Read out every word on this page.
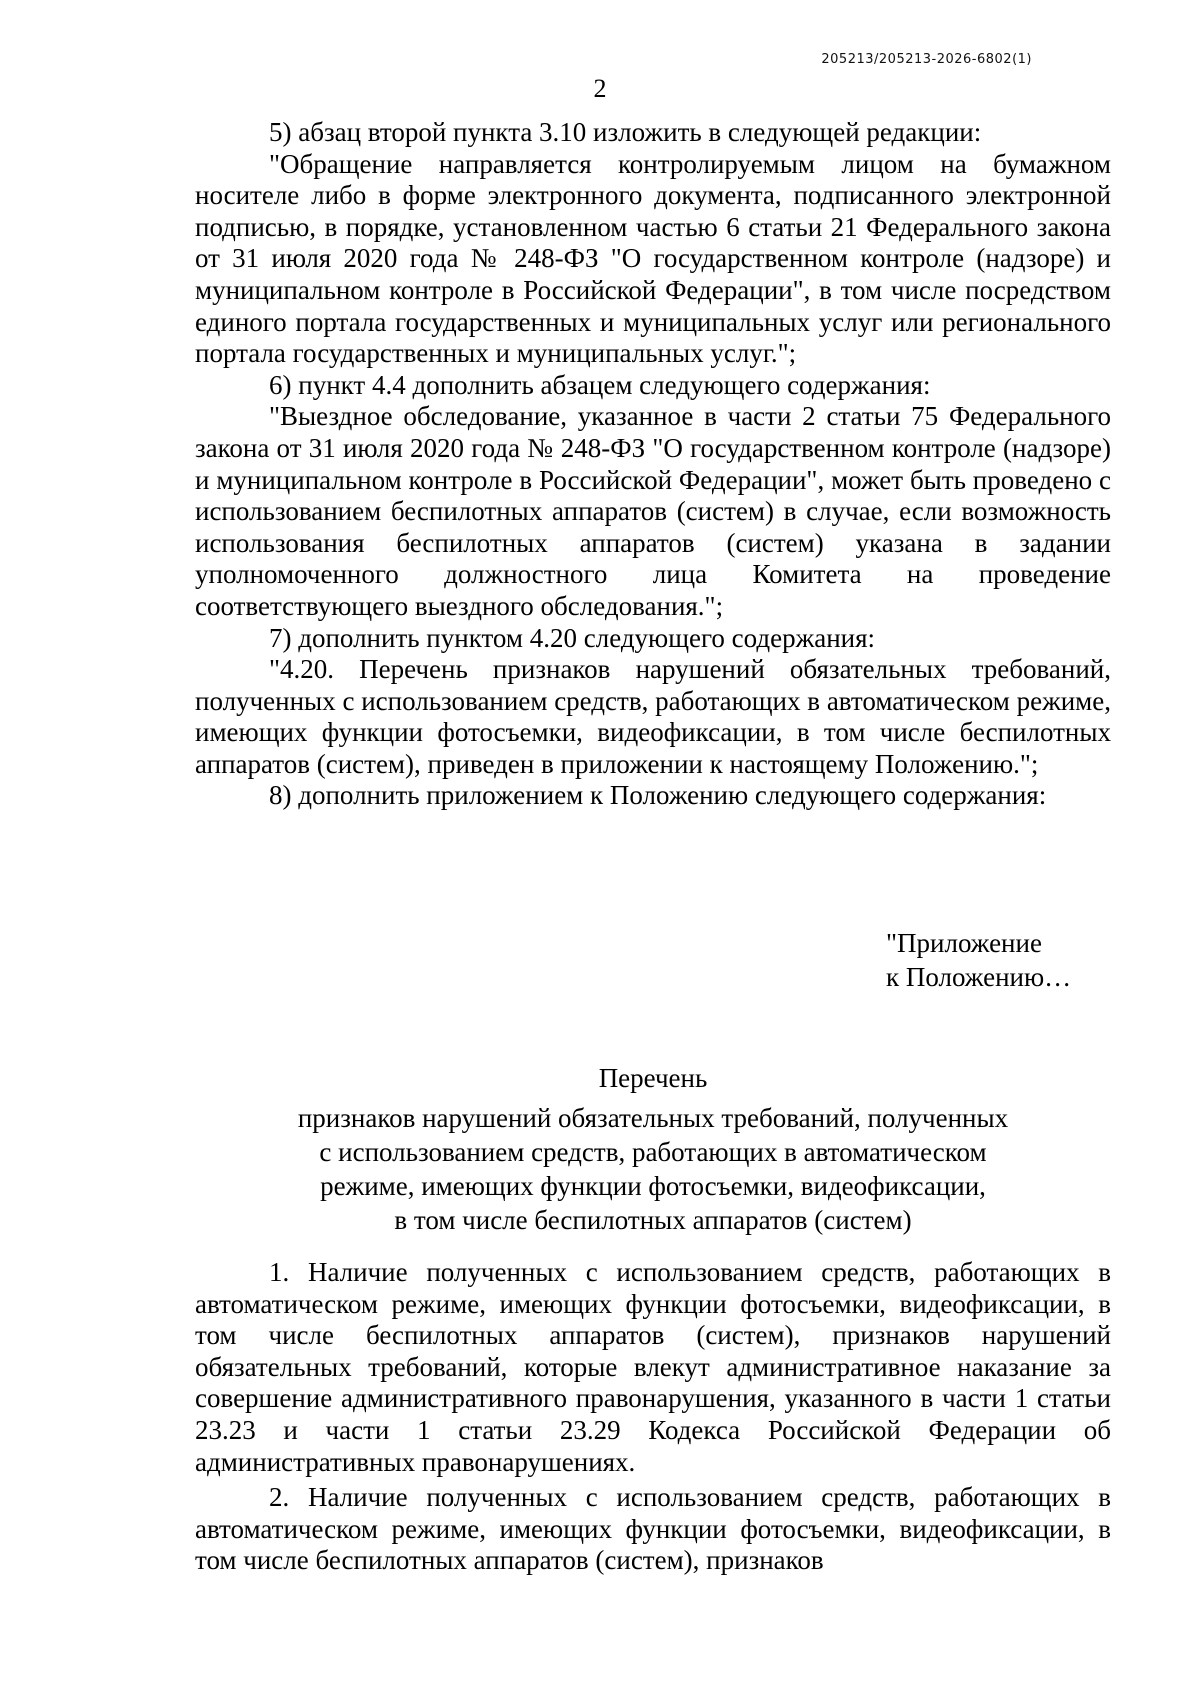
205213/205213-2026-6802(1)
2

5) абзац второй пункта 3.10 изложить в следующей редакции:

"Обращение направляется контролируемым лицом на бумажном носителе либо в форме электронного документа, подписанного электронной подписью, в порядке, установленном частью 6 статьи 21 Федерального закона от 31 июля 2020 года № 248-ФЗ "О государственном контроле (надзоре) и муниципальном контроле в Российской Федерации", в том числе посредством единого портала государственных и муниципальных услуг или регионального портала государственных и муниципальных услуг.";

6) пункт 4.4 дополнить абзацем следующего содержания:

"Выездное обследование, указанное в части 2 статьи 75 Федерального закона от 31 июля 2020 года № 248-ФЗ "О государственном контроле (надзоре) и муниципальном контроле в Российской Федерации", может быть проведено с использованием беспилотных аппаратов (систем) в случае, если возможность использования беспилотных аппаратов (систем) указана в задании уполномоченного должностного лица Комитета на проведение соответствующего выездного обследования.";

7) дополнить пунктом 4.20 следующего содержания:

"4.20. Перечень признаков нарушений обязательных требований, полученных с использованием средств, работающих в автоматическом режиме, имеющих функции фотосъемки, видеофиксации, в том числе беспилотных аппаратов (систем), приведен в приложении к настоящему Положению.";

8) дополнить приложением к Положению следующего содержания:

"Приложение
к Положению…
Перечень
признаков нарушений обязательных требований, полученных
с использованием средств, работающих в автоматическом
режиме, имеющих функции фотосъемки, видеофиксации,
в том числе беспилотных аппаратов (систем)

1. Наличие полученных с использованием средств, работающих в автоматическом режиме, имеющих функции фотосъемки, видеофиксации, в том числе беспилотных аппаратов (систем), признаков нарушений обязательных требований, которые влекут административное наказание за совершение административного правонарушения, указанного в части 1 статьи 23.23 и части 1 статьи 23.29 Кодекса Российской Федерации об административных правонарушениях.

2. Наличие полученных с использованием средств, работающих в автоматическом режиме, имеющих функции фотосъемки, видеофиксации, в том числе беспилотных аппаратов (систем), признаков
